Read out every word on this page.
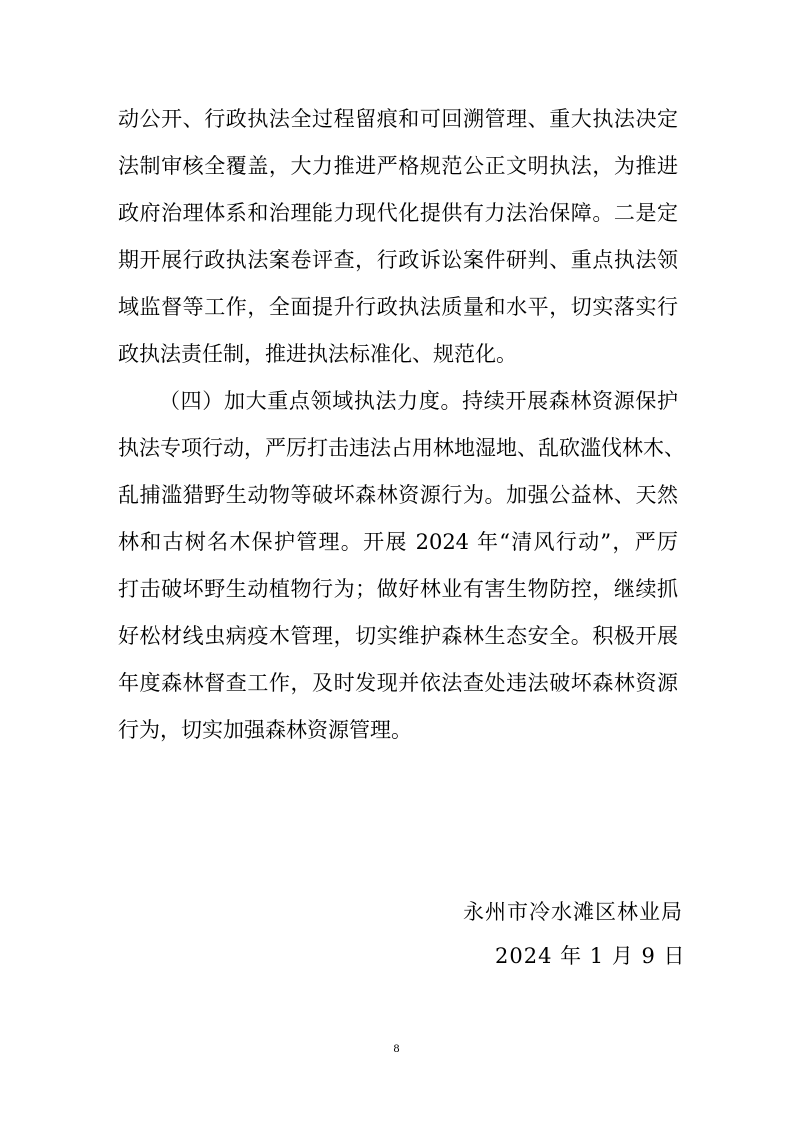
动公开、行政执法全过程留痕和可回溯管理、重大执法决定
法制审核全覆盖，大力推进严格规范公正文明执法，为推进
政府治理体系和治理能力现代化提供有力法治保障。二是定
期开展行政执法案卷评查，行政诉讼案件研判、重点执法领
域监督等工作，全面提升行政执法质量和水平，切实落实行
政执法责任制，推进执法标准化、规范化。
（四）加大重点领域执法力度。持续开展森林资源保护
执法专项行动，严厉打击违法占用林地湿地、乱砍滥伐林木、
乱捕滥猎野生动物等破坏森林资源行为。加强公益林、天然
林和古树名木保护管理。开展 2024 年“清风行动”，严厉
打击破坏野生动植物行为；做好林业有害生物防控，继续抓
好松材线虫病疫木管理，切实维护森林生态安全。积极开展
年度森林督查工作，及时发现并依法查处违法破坏森林资源
行为，切实加强森林资源管理。
永州市冷水滩区林业局
2024 年 1 月 9 日
8
